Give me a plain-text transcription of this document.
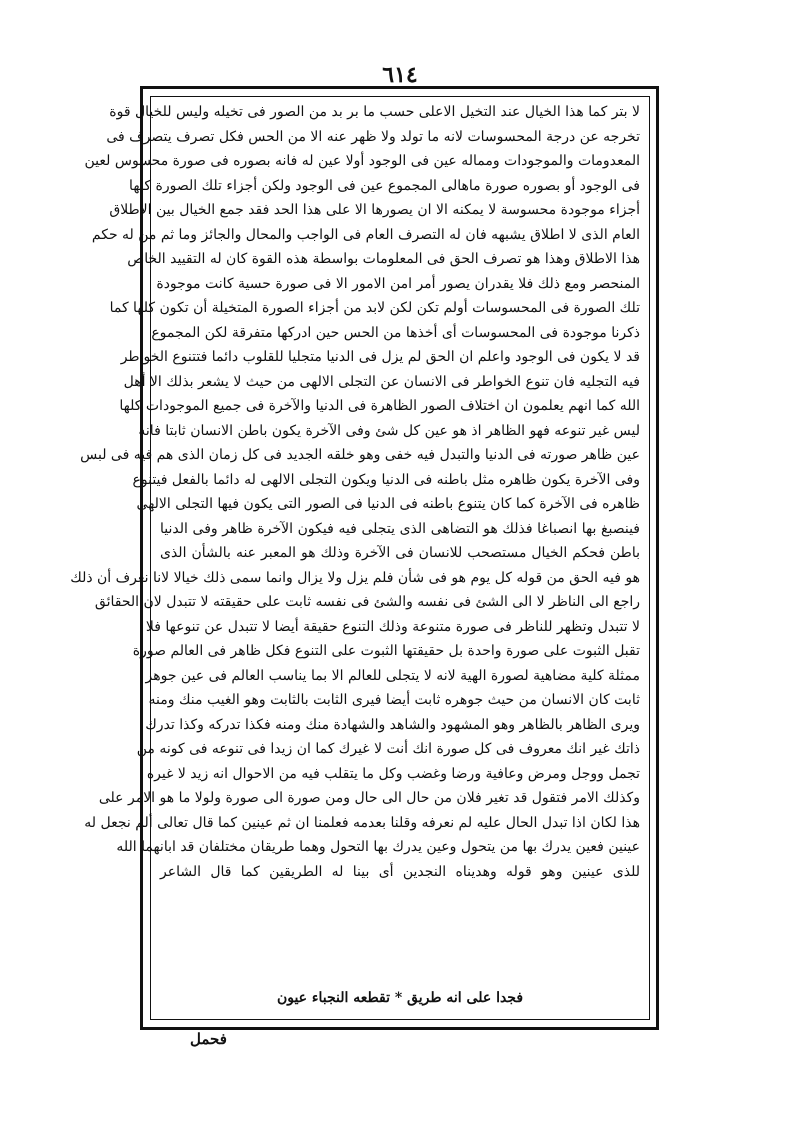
٦١٤
لا بتر كما هذا الخيال عند التخيل الاعلى حسب ما بر بد من الصور فى تخيله وليس للخيال قوة
تخرجه عن درجة المحسوسات لانه ما تولد ولا ظهر عنه الا من الحس فكل تصرف يتصرف فى
المعدومات والموجودات ومماله عين فى الوجود أولا عين له فانه بصوره فى صورة محسوس لعين
فى الوجود أو بصوره صورة ماهالى المجموع عين فى الوجود ولكن أجزاء تلك الصورة كلها
أجزاء موجودة محسوسة لا يمكنه الا ان يصورها الا على هذا الحد فقد جمع الخيال بين الاطلاق
العام الذى لا اطلاق يشبهه فان له التصرف العام فى الواجب والمحال والجائز وما ثم من له حكم
هذا الاطلاق وهذا هو تصرف الحق فى المعلومات بواسطة هذه القوة كان له التقييد الخاص
المنحصر ومع ذلك فلا يقدران يصور أمر امن الامور الا فى صورة حسية كانت موجودة
تلك الصورة فى المحسوسات أولم تكن لكن لابد من أجزاء الصورة المتخيلة أن تكون كلها كما
ذكرنا موجودة فى المحسوسات أى أخذها من الحس حين ادركها متفرقة لكن المجموع
قد لا يكون فى الوجود واعلم ان الحق لم يزل فى الدنيا متجليا للقلوب دائما فتتنوع الخواطر
فيه التجليه فان تنوع الخواطر فى الانسان عن التجلى الالهى من حيث لا يشعر بذلك الا أهل
الله كما انهم يعلمون ان اختلاف الصور الظاهرة فى الدنيا والآخرة فى جميع الموجودات كلها
ليس غير تنوعه فهو الظاهر اذ هو عين كل شئ وفى الآخرة يكون باطن الانسان ثابتا فانه
عين ظاهر صورته فى الدنيا والتبدل فيه خفى وهو خلقه الجديد فى كل زمان الذى هم فيه فى لبس
وفى الآخرة يكون ظاهره مثل باطنه فى الدنيا ويكون التجلى الالهى له دائما بالفعل فيتنوع
ظاهره فى الآخرة كما كان يتنوع باطنه فى الدنيا فى الصور التى يكون فيها التجلى الالهى
فينصبغ بها انصباغا فذلك هو التضاهى الذى يتجلى فيه فيكون الآخرة ظاهر وفى الدنيا
باطن فحكم الخيال مستصحب للانسان فى الآخرة وذلك هو المعبر عنه بالشأن الذى
هو فيه الحق من قوله كل يوم هو فى شأن فلم يزل ولا يزال وانما سمى ذلك خيالا لانا نعرف أن ذلك
راجع الى الناظر لا الى الشئ فى نفسه والشئ فى نفسه ثابت على حقيقته لا تتبدل لان الحقائق
لا تتبدل وتظهر للناظر فى صورة متنوعة وذلك التنوع حقيقة أيضا لا تتبدل عن تنوعها فلا
تقبل الثبوت على صورة واحدة بل حقيقتها الثبوت على التنوع فكل ظاهر فى العالم صورة
ممثلة كلية مضاهية لصورة الهية لانه لا يتجلى للعالم الا بما يناسب العالم فى عين جوهر
ثابت كان الانسان من حيث جوهره ثابت أيضا فيرى الثابت بالثابت وهو الغيب منك ومنه
ويرى الظاهر بالظاهر وهو المشهود والشاهد والشهادة منك ومنه فكذا تدركه وكذا تدرك
ذاتك غير انك معروف فى كل صورة انك أنت لا غيرك كما ان زيدا فى تنوعه فى كونه من
تجمل ووجل ومرض وعافية ورضا وغضب وكل ما يتقلب فيه من الاحوال انه زيد لا غيره
وكذلك الامر فتقول قد تغير فلان من حال الى حال ومن صورة الى صورة ولولا ما هو الامر على
هذا لكان اذا تبدل الحال عليه لم نعرفه وقلنا بعدمه فعلمنا ان ثم عينين كما قال تعالى ألم نجعل له
عينين فعين يدرك بها من يتحول وعين يدرك بها التحول وهما طريقان مختلفان قد ابانهما الله
للذى عينين وهو قوله وهديناه النجدين أى بينا له الطريقين كما قال الشاعر
فجدا على انه طريق * تقطعه النجباء عيون
فحمل
